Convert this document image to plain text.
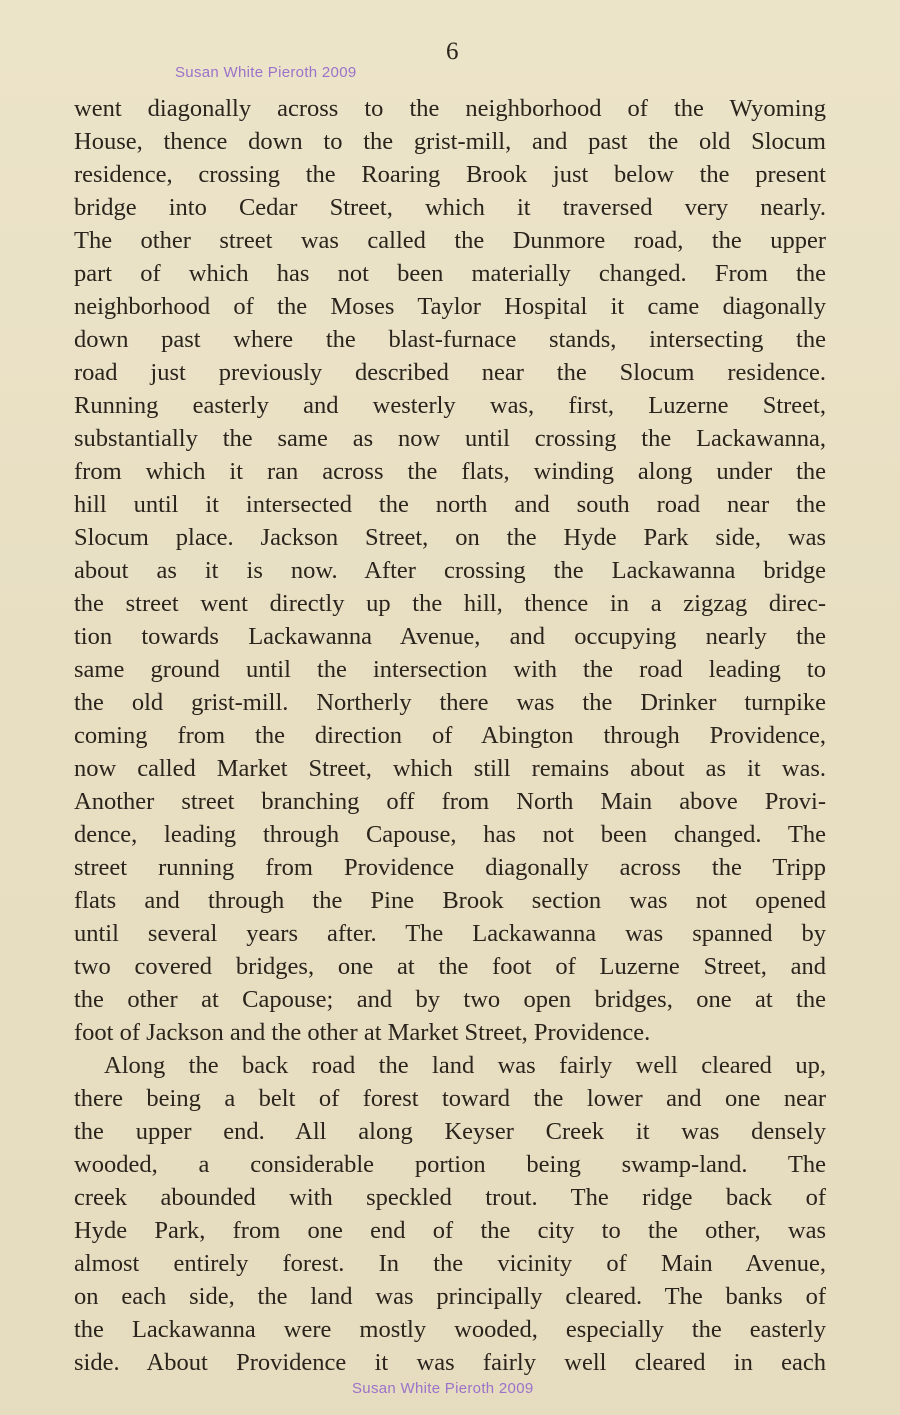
6
Susan White Pieroth 2009
went diagonally across to the neighborhood of the Wyoming
House, thence down to the grist-mill, and past the old Slocum
residence, crossing the Roaring Brook just below the present
bridge into Cedar Street, which it traversed very nearly.
The other street was called the Dunmore road, the upper
part of which has not been materially changed. From the
neighborhood of the Moses Taylor Hospital it came diagonally
down past where the blast-furnace stands, intersecting the
road just previously described near the Slocum residence.
Running easterly and westerly was, first, Luzerne Street,
substantially the same as now until crossing the Lackawanna,
from which it ran across the flats, winding along under the
hill until it intersected the north and south road near the
Slocum place. Jackson Street, on the Hyde Park side, was
about as it is now. After crossing the Lackawanna bridge
the street went directly up the hill, thence in a zigzag direc-
tion towards Lackawanna Avenue, and occupying nearly the
same ground until the intersection with the road leading to
the old grist-mill. Northerly there was the Drinker turnpike
coming from the direction of Abington through Providence,
now called Market Street, which still remains about as it was.
Another street branching off from North Main above Provi-
dence, leading through Capouse, has not been changed. The
street running from Providence diagonally across the Tripp
flats and through the Pine Brook section was not opened
until several years after. The Lackawanna was spanned by
two covered bridges, one at the foot of Luzerne Street, and
the other at Capouse; and by two open bridges, one at the
foot of Jackson and the other at Market Street, Providence.
Along the back road the land was fairly well cleared up,
there being a belt of forest toward the lower and one near
the upper end. All along Keyser Creek it was densely
wooded, a considerable portion being swamp-land. The
creek abounded with speckled trout. The ridge back of
Hyde Park, from one end of the city to the other, was
almost entirely forest. In the vicinity of Main Avenue,
on each side, the land was principally cleared. The banks of
the Lackawanna were mostly wooded, especially the easterly
side. About Providence it was fairly well cleared in each
Susan White Pieroth 2009
